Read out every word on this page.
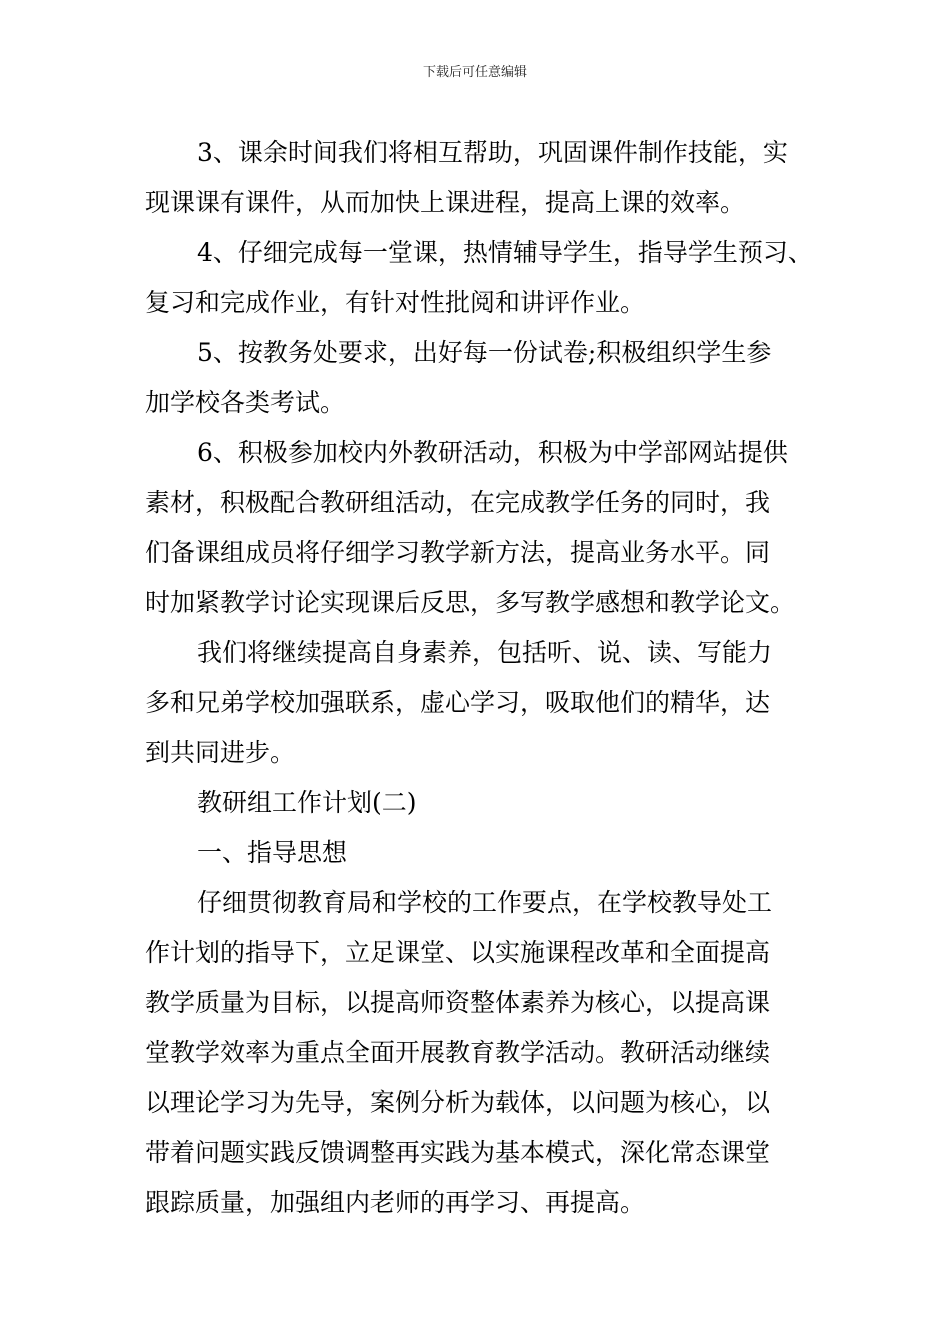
下载后可任意编辑
3、课余时间我们将相互帮助，巩固课件制作技能，实
现课课有课件，从而加快上课进程，提高上课的效率。
4、仔细完成每一堂课，热情辅导学生，指导学生预习、
复习和完成作业，有针对性批阅和讲评作业。
5、按教务处要求，出好每一份试卷;积极组织学生参
加学校各类考试。
6、积极参加校内外教研活动，积极为中学部网站提供
素材，积极配合教研组活动，在完成教学任务的同时，我
们备课组成员将仔细学习教学新方法，提高业务水平。同
时加紧教学讨论实现课后反思，多写教学感想和教学论文。
我们将继续提高自身素养，包括听、说、读、写能力
多和兄弟学校加强联系，虚心学习，吸取他们的精华，达
到共同进步。
教研组工作计划(二)
一、指导思想
仔细贯彻教育局和学校的工作要点，在学校教导处工
作计划的指导下，立足课堂、以实施课程改革和全面提高
教学质量为目标，以提高师资整体素养为核心，以提高课
堂教学效率为重点全面开展教育教学活动。教研活动继续
以理论学习为先导，案例分析为载体，以问题为核心，以
带着问题实践反馈调整再实践为基本模式，深化常态课堂
跟踪质量，加强组内老师的再学习、再提高。
